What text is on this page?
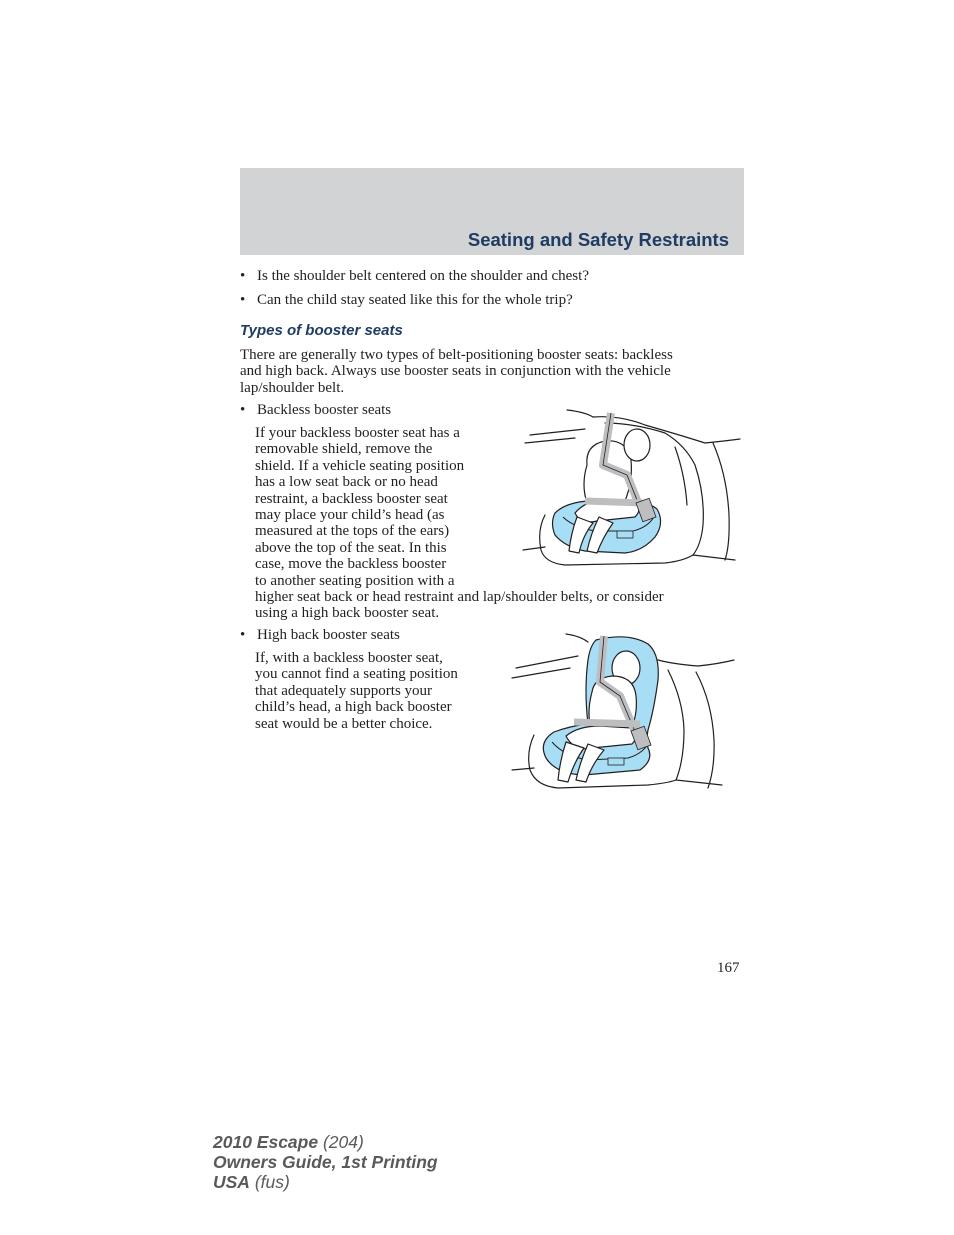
Seating and Safety Restraints
• Is the shoulder belt centered on the shoulder and chest?
• Can the child stay seated like this for the whole trip?
Types of booster seats
There are generally two types of belt-positioning booster seats: backless
and high back. Always use booster seats in conjunction with the vehicle
lap/shoulder belt.
• Backless booster seats
If your backless booster seat has a
removable shield, remove the
shield. If a vehicle seating position
has a low seat back or no head
restraint, a backless booster seat
may place your child’s head (as
measured at the tops of the ears)
above the top of the seat. In this
case, move the backless booster
to another seating position with a
higher seat back or head restraint and lap/shoulder belts, or consider
using a high back booster seat.
• High back booster seats
If, with a backless booster seat,
you cannot find a seating position
that adequately supports your
child’s head, a high back booster
seat would be a better choice.
167
2010 Escape (204)
Owners Guide, 1st Printing
USA (fus)
